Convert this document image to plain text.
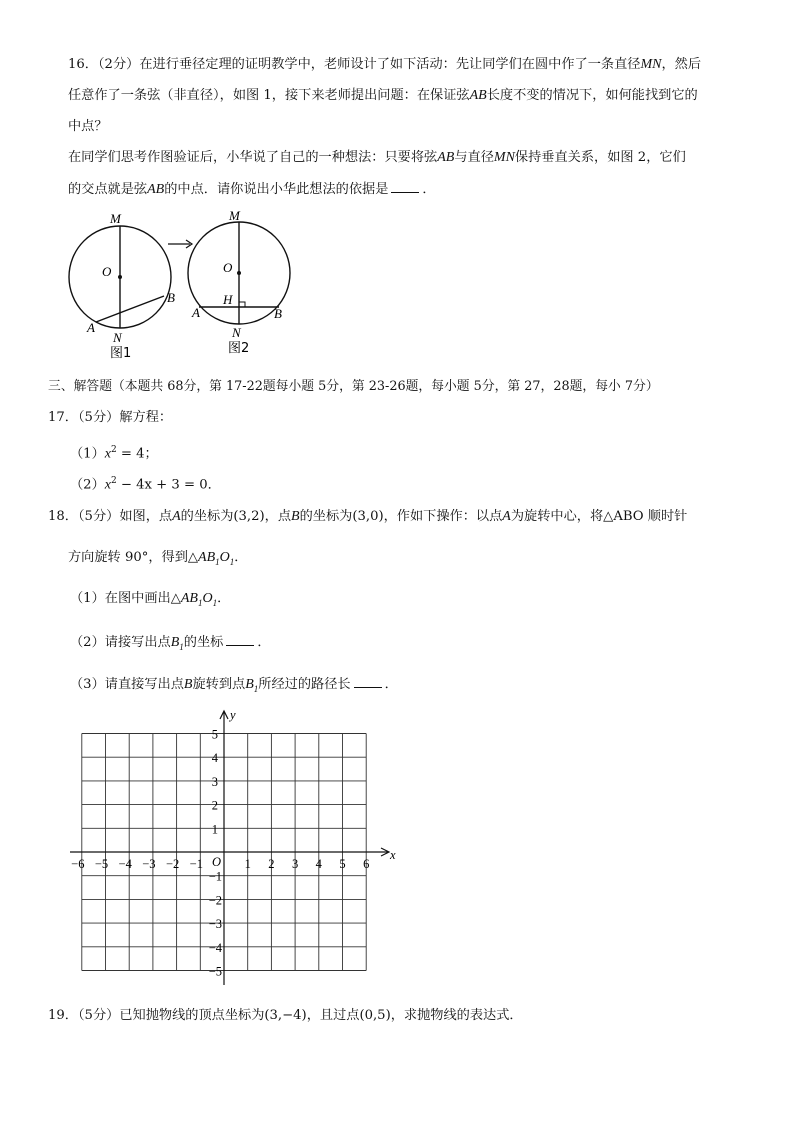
16．（2分）在进行垂径定理的证明教学中，老师设计了如下活动：先让同学们在圆中作了一条直径MN，然后
任意作了一条弦（非直径），如图 1，接下来老师提出问题：在保证弦AB长度不变的情况下，如何能找到它的
中点？
在同学们思考作图验证后，小华说了自己的一种想法：只要将弦AB与直径MN保持垂直关系，如图 2，它们
的交点就是弦AB的中点．请你说出小华此想法的依据是	．
M
O
B
A
N
图1
M
O
H
A	B
N
图2
三、解答题（本题共 68分，第 17-22题每小题 5分，第 23-26题，每小题 5分，第 27，28题，每小 7分）
17．（5分）解方程：
$(1)x^2 = 4$；
$(2)x^2 - 4x + 3 = 0$．
18．（5分）如图，点A的坐标为(3,2)，点B的坐标为(3,0)，作如下操作：以点A为旋转中心，将△ABO 顺时针
方向旋转 90°，得到$\triangle AB_1O_1$．
（1）在图中画出$\triangle AB_1O_1$．
（2）请接写出点$B_1$的坐标	．
（3）请直接写出点B旋转到点$B_1$所经过的路径长	．
x
y
O
−6 −5 −4 −3 −2 −1	1 2 3 4 5 6
5
4
3
2
1
−1
−2
−3
−4
−5
19．（5分）已知抛物线的顶点坐标为(3,−4)，且过点(0,5)，求抛物线的表达式．
